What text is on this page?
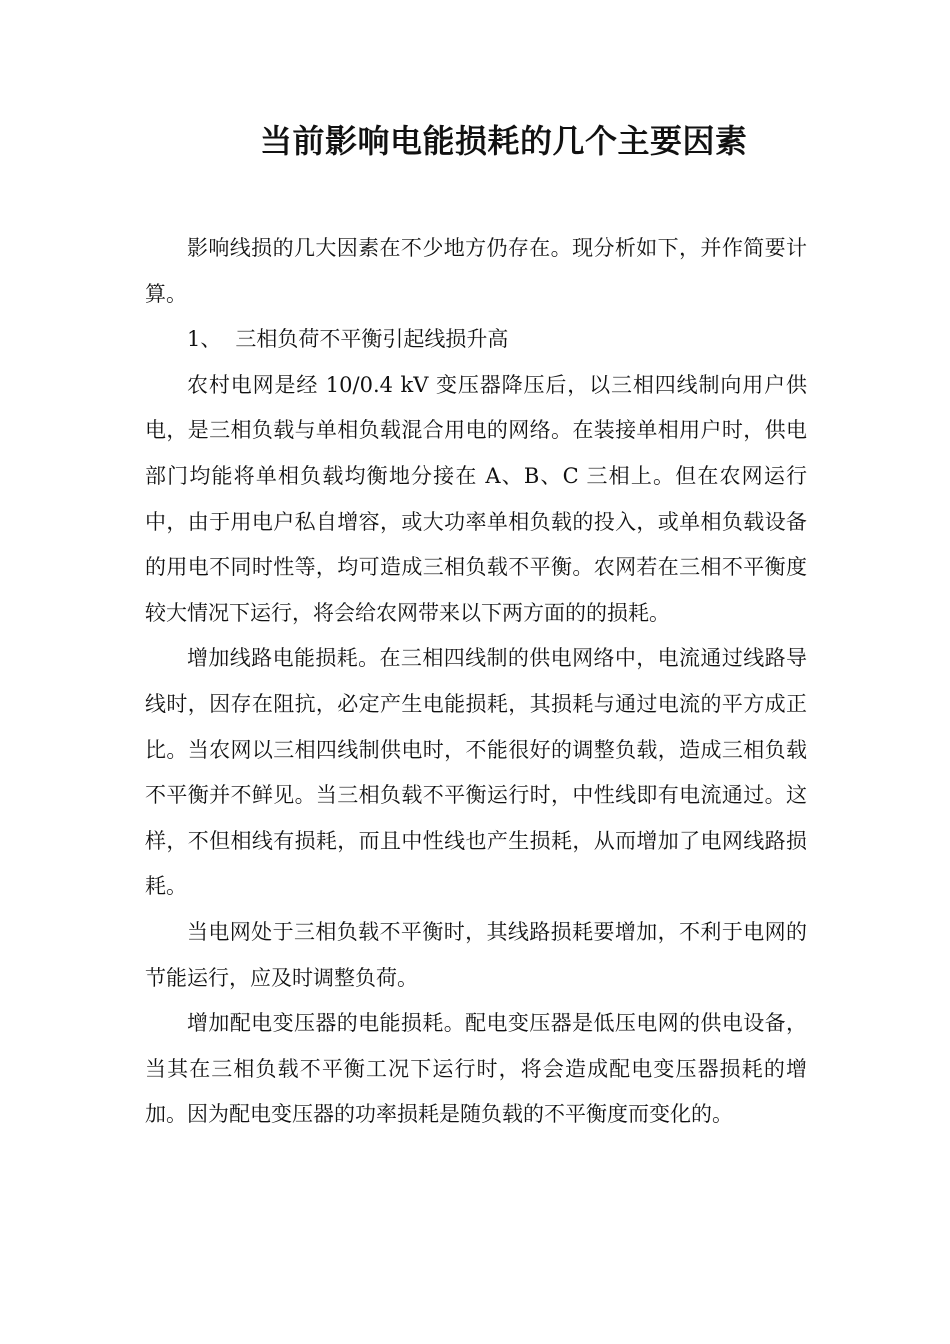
当前影响电能损耗的几个主要因素

影响线损的几大因素在不少地方仍存在。现分析如下，并作简要计算。

1、 三相负荷不平衡引起线损升高

农村电网是经 10/0.4 kV 变压器降压后，以三相四线制向用户供电，是三相负载与单相负载混合用电的网络。在装接单相用户时，供电部门均能将单相负载均衡地分接在 A、B、C 三相上。但在农网运行中，由于用电户私自增容，或大功率单相负载的投入，或单相负载设备的用电不同时性等，均可造成三相负载不平衡。农网若在三相不平衡度较大情况下运行，将会给农网带来以下两方面的的损耗。

增加线路电能损耗。在三相四线制的供电网络中，电流通过线路导线时，因存在阻抗，必定产生电能损耗，其损耗与通过电流的平方成正比。当农网以三相四线制供电时，不能很好的调整负载，造成三相负载不平衡并不鲜见。当三相负载不平衡运行时，中性线即有电流通过。这样，不但相线有损耗，而且中性线也产生损耗，从而增加了电网线路损耗。

当电网处于三相负载不平衡时，其线路损耗要增加，不利于电网的节能运行，应及时调整负荷。

增加配电变压器的电能损耗。配电变压器是低压电网的供电设备，当其在三相负载不平衡工况下运行时，将会造成配电变压器损耗的增加。因为配电变压器的功率损耗是随负载的不平衡度而变化的。
